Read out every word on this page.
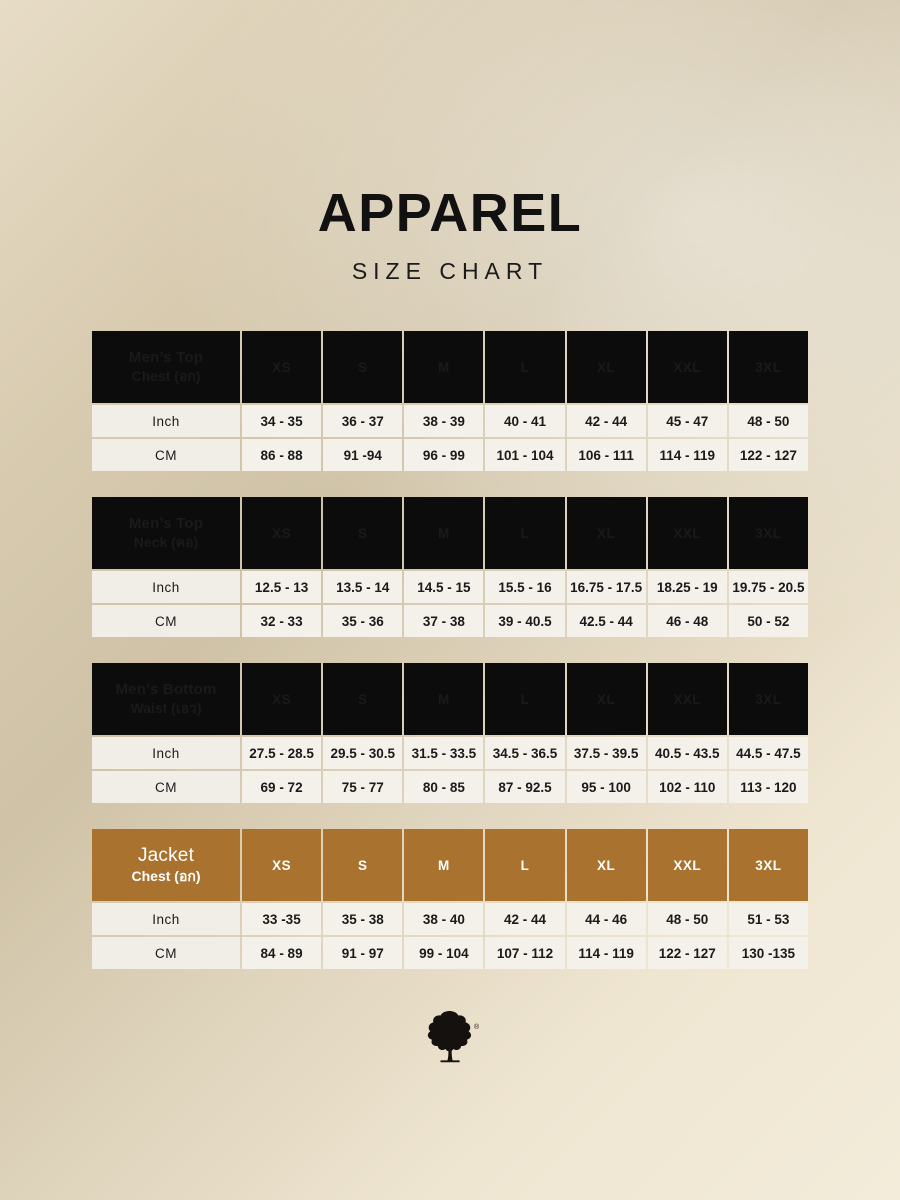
APPAREL
SIZE CHART
Men’s Top
Chest (อก)	XS	S	M	L	XL	XXL	3XL
Inch	34 - 35	36 - 37	38 - 39	40 - 41	42 - 44	45 - 47	48 - 50
CM	86 - 88	91 -94	96 - 99	101 - 104	106 - 111	114 - 119	122 - 127
Men’s Top
Neck (คอ)	XS	S	M	L	XL	XXL	3XL
Inch	12.5 - 13	13.5 - 14	14.5 - 15	15.5 - 16	16.75 - 17.5	18.25 - 19	19.75 - 20.5
CM	32 - 33	35 - 36	37 - 38	39 - 40.5	42.5 - 44	46 - 48	50 - 52
Men’s Bottom
Waist (เอว)	XS	S	M	L	XL	XXL	3XL
Inch	27.5 - 28.5	29.5 - 30.5	31.5 - 33.5	34.5 - 36.5	37.5 - 39.5	40.5 - 43.5	44.5 - 47.5
CM	69 - 72	75 - 77	80 - 85	87 - 92.5	95 - 100	102 - 110	113 - 120
Jacket
Chest (อก)	XS	S	M	L	XL	XXL	3XL
Inch	33 -35	35 - 38	38 - 40	42 - 44	44 - 46	48 - 50	51 - 53
CM	84 - 89	91 - 97	99 - 104	107 - 112	114 - 119	122 - 127	130 -135
®
